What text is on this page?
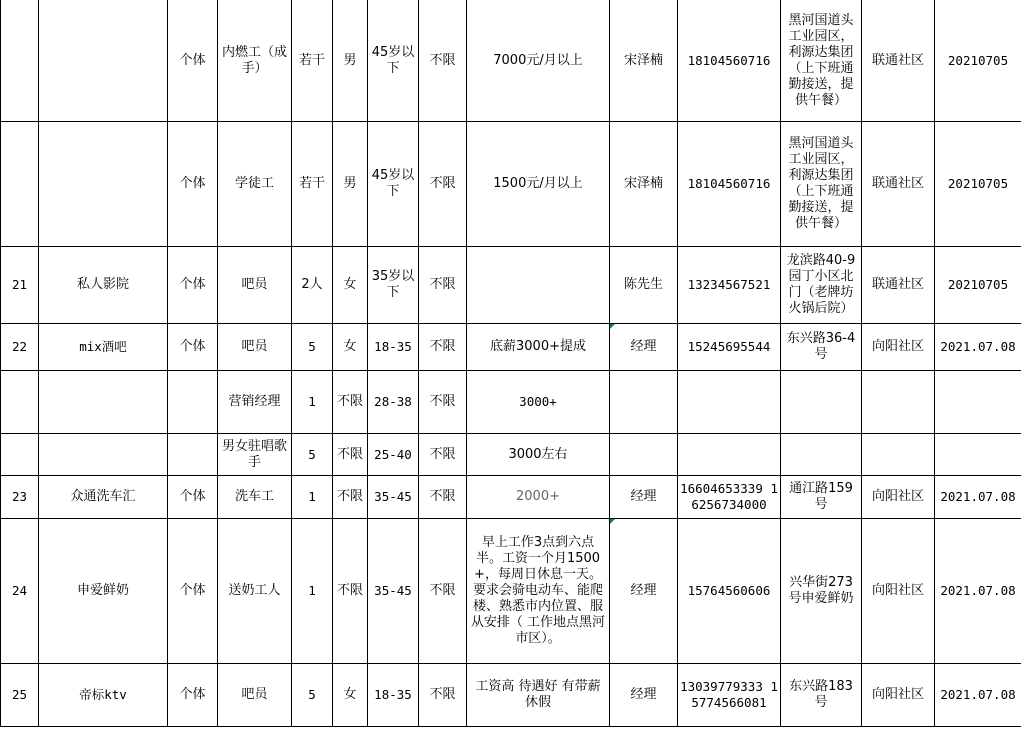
		个体	内燃工（成手）	若干	男	45岁以下	不限	7000元/月以上	宋泽楠	18104560716	黑河国道头工业园区，利源达集团（上下班通勤接送，提供午餐）	联通社区	20210705
		个体	学徒工	若干	男	45岁以下	不限	1500元/月以上	宋泽楠	18104560716	黑河国道头工业园区，利源达集团（上下班通勤接送，提供午餐）	联通社区	20210705
21	私人影院	个体	吧员	2人	女	35岁以下	不限		陈先生	13234567521	龙滨路40-9园丁小区北门（老牌坊火锅后院）	联通社区	20210705
22	mix酒吧	个体	吧员	5	女	18-35	不限	底薪3000+提成	经理	15245695544	东兴路36-4号	向阳社区	2021.07.08
			营销经理	1	不限	28-38	不限	3000+					
			男女驻唱歌手	5	不限	25-40	不限	3000左右					
23	众通洗车汇	个体	洗车工	1	不限	35-45	不限	2000+	经理	16604653339 16256734000	通江路159号	向阳社区	2021.07.08
24	申爱鲜奶	个体	送奶工人	1	不限	35-45	不限	早上工作3点到六点半。工资一个月1500+，每周日休息一天。要求会骑电动车、能爬楼、熟悉市内位置、服从安排（ 工作地点黑河市区）。	经理	15764560606	兴华街273号申爱鲜奶	向阳社区	2021.07.08
25	帝标ktv	个体	吧员	5	女	18-35	不限	工资高 待遇好 有带薪休假	经理	13039779333 15774566081	东兴路183号	向阳社区	2021.07.08
